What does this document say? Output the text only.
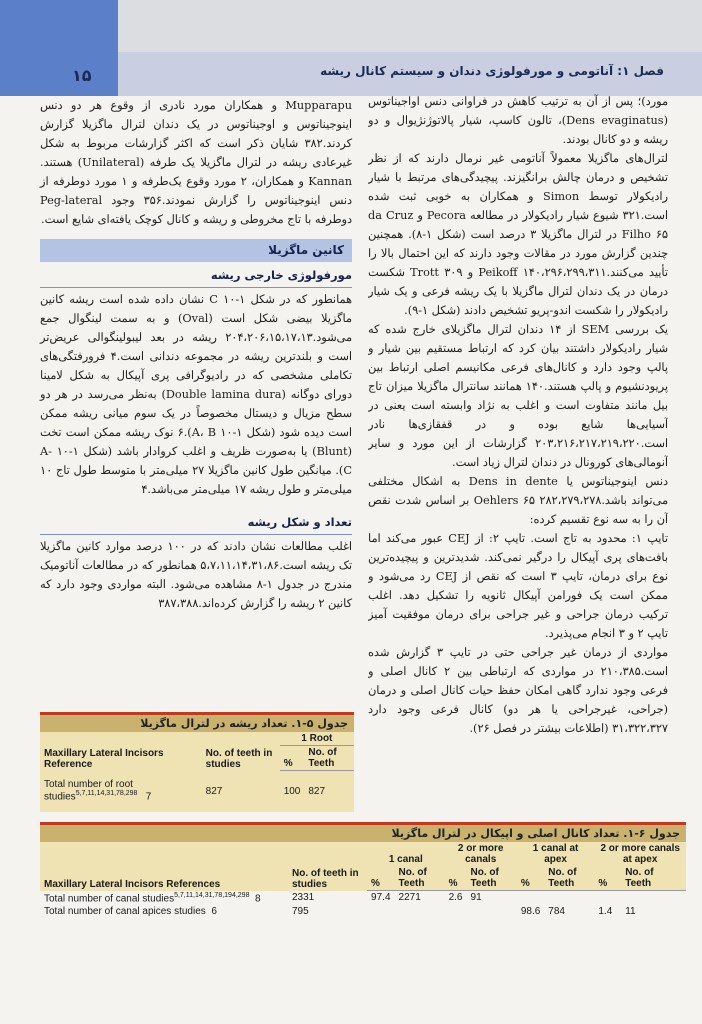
۱۵	فصل ۱: آناتومی و مورفولوژی دندان و سیستم کانال ریشه

مورد)؛ پس از آن به ترتیب کاهش در فراوانی دنس اواجیناتوس (Dens evaginatus)، تالون کاسپ، شیار پالاتوژنژیوال و دو ریشه و دو کانال بودند.

لترال‌های ماگزیلا معمولاً آناتومی غیر نرمال دارند که از نظر تشخیص و درمان چالش برانگیزند. پیچیدگی‌های مرتبط با شیار رادیکولار توسط Simon و همکاران به خوبی ثبت شده است.۳۲۱ شیوع شیار رادیکولار در مطالعه Pecora و da Cruz Filho ۶۵ در لترال ماگزیلا ۳ درصد است (شکل ۱-۸). همچنین چندین گزارش مورد در مقالات وجود دارند که این احتمال بالا را تأیید می‌کنند.۱۴۰،۲۹۶،۲۹۹،۳۱۱ Peikoff و Trott ۳۰۹ شکست درمان در یک دندان لترال ماگزیلا با یک ریشه فرعی و یک شیار رادیکولار را شکست اندو-پریو تشخیص دادند (شکل ۱-۹).

یک بررسی SEM از ۱۴ دندان لترال ماگزیلای خارج شده که شیار رادیکولار داشتند بیان کرد که ارتباط مستقیم بین شیار و پالپ وجود دارد و کانال‌های فرعی مکانیسم اصلی ارتباط بین پریودنشیوم و پالپ هستند.۱۴۰ همانند سانترال ماگزیلا میزان تاج بیل مانند متفاوت است و اغلب به نژاد وابسته است یعنی در آسیایی‌ها شایع بوده و در قفقازی‌ها نادر است.۲۰۳،۲۱۶،۲۱۷،۲۱۹،۲۲۰ گزارشات از این مورد و سایر آنومالی‌های کورونال در دندان لترال زیاد است.

دنس اینوجیناتوس یا Dens in dente به اشکال مختلفی می‌تواند باشد.۲۸۲،۲۷۹،۲۷۸ Oehlers ۶۵ بر اساس شدت نقص آن را به سه نوع تقسیم کرده:

تایپ ۱: محدود به تاج است. تایپ ۲: از CEJ عبور می‌کند اما بافت‌های پری آپیکال را درگیر نمی‌کند. شدیدترین و پیچیده‌ترین نوع برای درمان، تایپ ۳ است که نقص از CEJ رد می‌شود و ممکن است یک فورامن آپیکال ثانویه را تشکیل دهد. اغلب ترکیب درمان جراحی و غیر جراحی برای درمان موفقیت آمیز تایپ ۲ و ۳ انجام می‌پذیرد.

مواردی از درمان غیر جراحی حتی در تایپ ۳ گزارش شده است.۲۱۰،۳۸۵ در مواردی که ارتباطی بین ۲ کانال اصلی و فرعی وجود ندارد گاهی امکان حفظ حیات کانال اصلی و درمان (جراحی، غیرجراحی یا هر دو) کانال فرعی وجود دارد ۳۱،۳۲۲،۳۲۷ (اطلاعات بیشتر در فصل ۲۶).

Mupparapu و همکاران مورد نادری از وقوع هر دو دنس اینوجیناتوس و اوجیناتوس در یک دندان لترال ماگزیلا گزارش کردند.۳۸۲ شایان ذکر است که اکثر گزارشات مربوط به شکل غیرعادی ریشه در لترال ماگزیلا یک طرفه (Unilateral) هستند. Kannan و همکاران، ۲ مورد وقوع یک‌طرفه و ۱ مورد دوطرفه از دنس اینوجیناتوس را گزارش نمودند.۳۵۶ وجود Peg-lateral دوطرفه با تاج مخروطی و ریشه و کانال کوچک یافته‌ای شایع است.

کانین ماگزیلا
مورفولوژی خارجی ریشه

همانطور که در شکل ۱-۱۰ C نشان داده شده است ریشه کانین ماگزیلا بیضی شکل است (Oval) و به سمت لینگوال جمع می‌شود.۲۰۴،۲۰۶،۱۵،۱۷،۱۳ ریشه در بعد لیبولینگوالی عریض‌تر است و بلندترین ریشه در مجموعه دندانی است.۴ فرورفتگی‌های تکاملی مشخصی که در رادیوگرافی پری آپیکال به شکل لامینا دورای دوگانه (Double lamina dura) به‌نظر می‌رسد در هر دو سطح مزیال و دیستال مخصوصاً در یک سوم میانی ریشه ممکن است دیده شود (شکل ۱-۱۰ A، B).۶ نوک ریشه ممکن است تخت (Blunt) یا به‌صورت ظریف و اغلب کروادار باشد (شکل ۱-۱۰ A-C). میانگین طول کانین ماگزیلا ۲۷ میلی‌متر با متوسط طول تاج ۱۰ میلی‌متر و طول ریشه ۱۷ میلی‌متر می‌باشد.۴

تعداد و شکل ریشه

اغلب مطالعات نشان دادند که در ۱۰۰ درصد موارد کانین ماگزیلا تک ریشه است.۵،۷،۱۱،۱۴،۳۱،۸۶ همانطور که در مطالعات آناتومیک مندرج در جدول ۱-۸ مشاهده می‌شود. البته مواردی وجود دارد که کانین ۲ ریشه را گزارش کرده‌اند.۳۸۷،۳۸۸

جدول ۵-۱. تعداد ریشه در لترال ماگزیلا
Maxillary Lateral Incisors Reference	No. of teeth in studies	1 Root	
		%	No. of Teeth
Total number of root studies$^{5,7,11,14,31,78,298}$ 7	827	100	827
جدول ۶-۱. تعداد کانال اصلی و اپیکال در لترال ماگزیلا
Maxillary Lateral Incisors References	No. of teeth in studies	1 canal		2 or more canals		1 canal at apex		2 or more canals at apex	
		%	No. of Teeth	%	No. of Teeth	%	No. of Teeth	%	No. of Teeth
Total number of canal studies$^{5,7,11,14,31,78,194,298}$ 8	2331	97.4	2271	2.6	91				
Total number of canal apices studies 6	795					98.6	784	1.4	11
